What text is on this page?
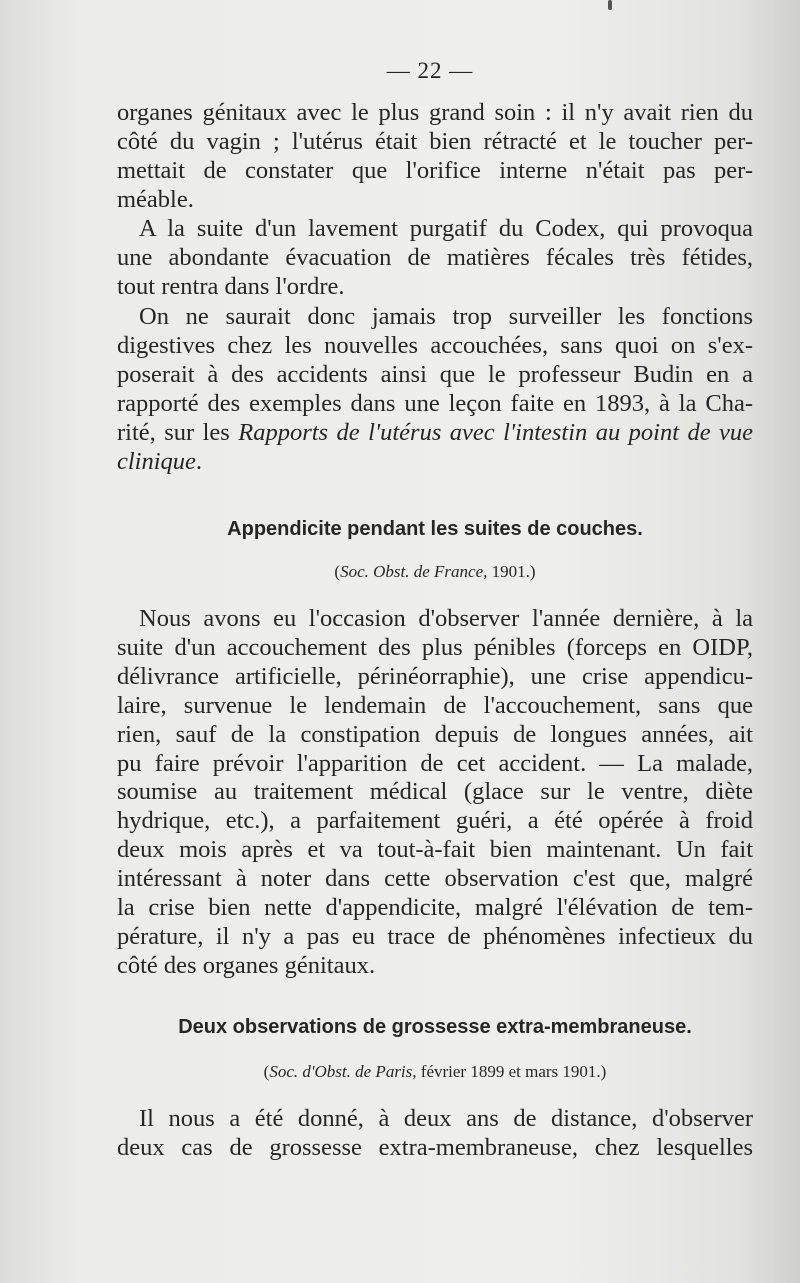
— 22 —

organes génitaux avec le plus grand soin : il n'y avait rien du
côté du vagin ; l'utérus était bien rétracté et le toucher per-
mettait de constater que l'orifice interne n'était pas per-
méable.

A la suite d'un lavement purgatif du Codex, qui provoqua
une abondante évacuation de matières fécales très fétides,
tout rentra dans l'ordre.

On ne saurait donc jamais trop surveiller les fonctions
digestives chez les nouvelles accouchées, sans quoi on s'ex-
poserait à des accidents ainsi que le professeur Budin en a
rapporté des exemples dans une leçon faite en 1893, à la Cha-
rité, sur les Rapports de l'utérus avec l'intestin au point de vue
clinique.

Appendicite pendant les suites de couches.

(Soc. Obst. de France, 1901.)

Nous avons eu l'occasion d'observer l'année dernière, à la
suite d'un accouchement des plus pénibles (forceps en OIDP,
délivrance artificielle, périnéorraphie), une crise appendicu-
laire, survenue le lendemain de l'accouchement, sans que
rien, sauf de la constipation depuis de longues années, ait
pu faire prévoir l'apparition de cet accident. — La malade,
soumise au traitement médical (glace sur le ventre, diète
hydrique, etc.), a parfaitement guéri, a été opérée à froid
deux mois après et va tout-à-fait bien maintenant. Un fait
intéressant à noter dans cette observation c'est que, malgré
la crise bien nette d'appendicite, malgré l'élévation de tem-
pérature, il n'y a pas eu trace de phénomènes infectieux du
côté des organes génitaux.

Deux observations de grossesse extra-membraneuse.

(Soc. d'Obst. de Paris, février 1899 et mars 1901.)

Il nous a été donné, à deux ans de distance, d'observer
deux cas de grossesse extra-membraneuse, chez lesquelles
